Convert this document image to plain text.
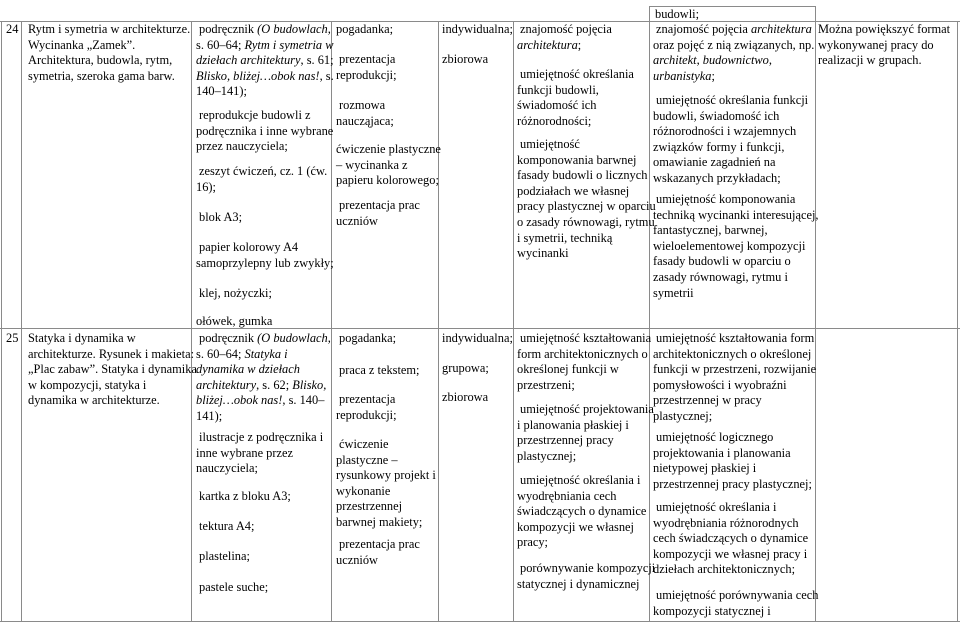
budowli;
24 Rytm i symetria w architekturze.
Wycinanka „Zamek”.
Architektura, budowla, rytm,
symetria, szeroka gama barw.
podręcznik (O budowlach,
s. 60–64; Rytm i symetria w
dziełach architektury, s. 61;
Blisko, bliżej…obok nas!, s.
140–141);
reprodukcje budowli z
podręcznika i inne wybrane
przez nauczyciela;
zeszyt ćwiczeń, cz. 1 (ćw.
16);
blok A3;
papier kolorowy A4
samoprzylepny lub zwykły;
klej, nożyczki;
ołówek, gumka
pogadanka;
prezentacja
reprodukcji;
rozmowa
naucząjaca;
ćwiczenie plastyczne
– wycinanka z
papieru kolorowego;
prezentacja prac
uczniów
indywidualna;
zbiorowa
znajomość pojęcia
architektura;
umiejętność określania
funkcji budowli,
świadomość ich
różnorodności;
umiejętność
komponowania barwnej
fasady budowli o licznych
podziałach we własnej
pracy plastycznej w oparciu
o zasady równowagi, rytmu
i symetrii, techniką
wycinanki
znajomość pojęcia architektura
oraz pojęć z nią związanych, np.
architekt, budownictwo,
urbanistyka;
umiejętność określania funkcji
budowli, świadomość ich
różnorodności i wzajemnych
związków formy i funkcji,
omawianie zagadnień na
wskazanych przykładach;
umiejętność komponowania
techniką wycinanki interesującej,
fantastycznej, barwnej,
wieloelementowej kompozycji
fasady budowli w oparciu o
zasady równowagi, rytmu i
symetrii
Można powiększyć format
wykonywanej pracy do
realizacji w grupach.
25 Statyka i dynamika w
architekturze. Rysunek i makieta:
„Plac zabaw”. Statyka i dynamika
w kompozycji, statyka i
dynamika w architekturze.
podręcznik (O budowlach,
s. 60–64; Statyka i
dynamika w dziełach
architektury, s. 62; Blisko,
bliżej…obok nas!, s. 140–
141);
ilustracje z podręcznika i
inne wybrane przez
nauczyciela;
kartka z bloku A3;
tektura A4;
plastelina;
pastele suche;
pogadanka;
praca z tekstem;
prezentacja
reprodukcji;
ćwiczenie
plastyczne –
rysunkowy projekt i
wykonanie
przestrzennej
barwnej makiety;
prezentacja prac
uczniów
indywidualna;
grupowa;
zbiorowa
umiejętność kształtowania
form architektonicznych o
określonej funkcji w
przestrzeni;
umiejętność projektowania
i planowania płaskiej i
przestrzennej pracy
plastycznej;
umiejętność określania i
wyodrębniania cech
świadczących o dynamice
kompozycji we własnej
pracy;
porównywanie kompozycji
statycznej i dynamicznej
umiejętność kształtowania form
architektonicznych o określonej
funkcji w przestrzeni, rozwijanie
pomysłowości i wyobraźni
przestrzennej w pracy
plastycznej;
umiejętność logicznego
projektowania i planowania
nietypowej płaskiej i
przestrzennej pracy plastycznej;
umiejętność określania i
wyodrębniania różnorodnych
cech świadczących o dynamice
kompozycji we własnej pracy i
dziełach architektonicznych;
umiejętność porównywania cech
kompozycji statycznej i
